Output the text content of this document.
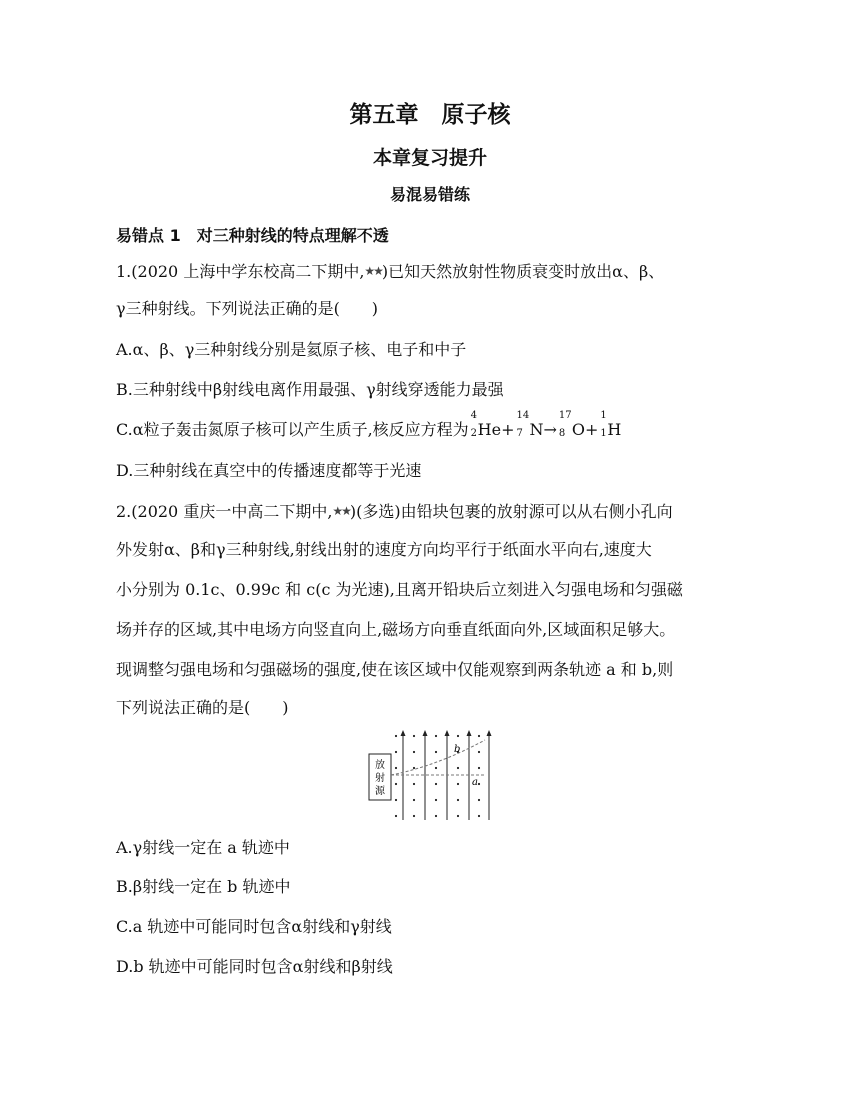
第五章　原子核
本章复习提升
易混易错练
易错点 1　 对三种射线的特点理解不透
1.(2020 上海中学东校高二下期中,★★)已知天然放射性物质衰变时放出α、β、
γ三种射线。下列说法正确的是(　　)
A.α、β、γ三种射线分别是氦原子核、电子和中子
B.三种射线中β射线电离作用最强、γ射线穿透能力最强
C.α粒子轰击氮原子核可以产生质子,核反应方程为
4
2 He+
14
7 N→
17
8 O+
1
1 H
D.三种射线在真空中的传播速度都等于光速
2.(2020 重庆一中高二下期中,★★)(多选)由铅块包裹的放射源可以从右侧小孔向
外发射α、β和γ三种射线,射线出射的速度方向均平行于纸面水平向右,速度大
小分别为 0.1c、0.99c 和 c(c 为光速),且离开铅块后立刻进入匀强电场和匀强磁
场并存的区域,其中电场方向竖直向上,磁场方向垂直纸面向外,区域面积足够大。
现调整匀强电场和匀强磁场的强度,使在该区域中仅能观察到两条轨迹 a 和 b,则
下列说法正确的是(　　)
放
射
源
b
a
A.γ射线一定在 a 轨迹中
B.β射线一定在 b 轨迹中
C.a 轨迹中可能同时包含α射线和γ射线
D.b 轨迹中可能同时包含α射线和β射线
